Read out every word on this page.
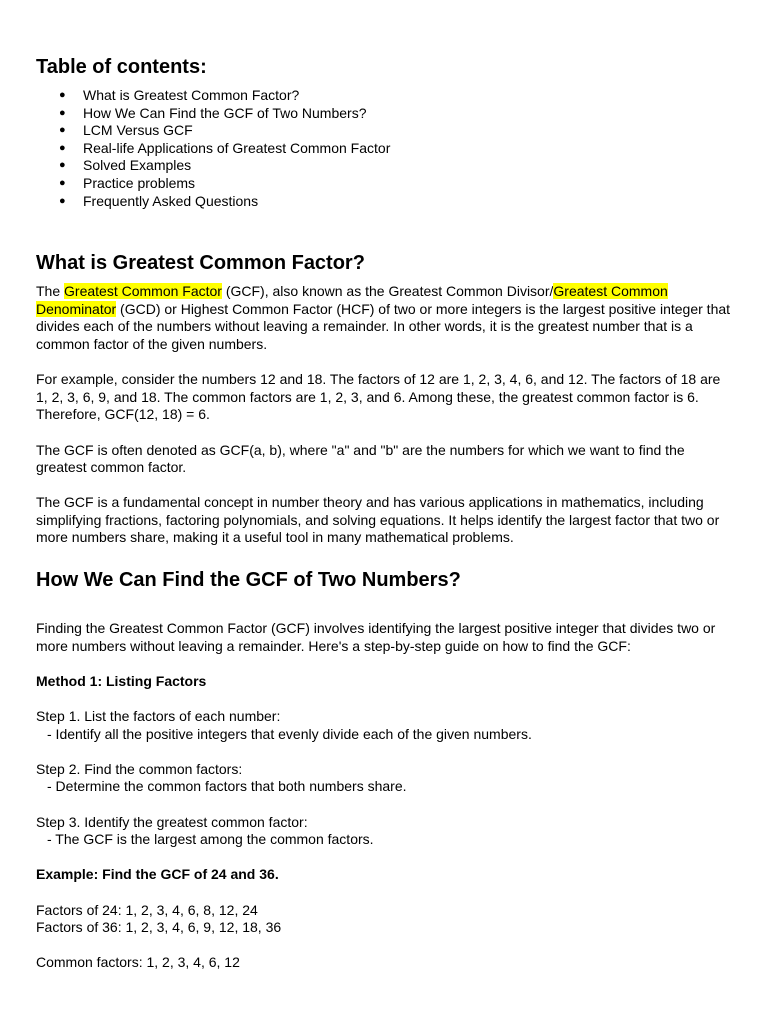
Table of contents:
● What is Greatest Common Factor?
● How We Can Find the GCF of Two Numbers?
● LCM Versus GCF
● Real-life Applications of Greatest Common Factor
● Solved Examples
● Practice problems
● Frequently Asked Questions
What is Greatest Common Factor?

The Greatest Common Factor (GCF), also known as the Greatest Common Divisor/Greatest Common Denominator (GCD) or Highest Common Factor (HCF) of two or more integers is the largest positive integer that divides each of the numbers without leaving a remainder. In other words, it is the greatest number that is a common factor of the given numbers.

For example, consider the numbers 12 and 18. The factors of 12 are 1, 2, 3, 4, 6, and 12. The factors of 18 are 1, 2, 3, 6, 9, and 18. The common factors are 1, 2, 3, and 6. Among these, the greatest common factor is 6. Therefore, GCF(12, 18) = 6.

The GCF is often denoted as GCF(a, b), where "a" and "b" are the numbers for which we want to find the greatest common factor.

The GCF is a fundamental concept in number theory and has various applications in mathematics, including simplifying fractions, factoring polynomials, and solving equations. It helps identify the largest factor that two or more numbers share, making it a useful tool in many mathematical problems.

How We Can Find the GCF of Two Numbers?

Finding the Greatest Common Factor (GCF) involves identifying the largest positive integer that divides two or more numbers without leaving a remainder. Here's a step-by-step guide on how to find the GCF:

Method 1: Listing Factors

Step 1. List the factors of each number:

- Identify all the positive integers that evenly divide each of the given numbers.

Step 2. Find the common factors:

- Determine the common factors that both numbers share.

Step 3. Identify the greatest common factor:

- The GCF is the largest among the common factors.

Example: Find the GCF of 24 and 36.

Factors of 24: 1, 2, 3, 4, 6, 8, 12, 24

Factors of 36: 1, 2, 3, 4, 6, 9, 12, 18, 36

Common factors: 1, 2, 3, 4, 6, 12
